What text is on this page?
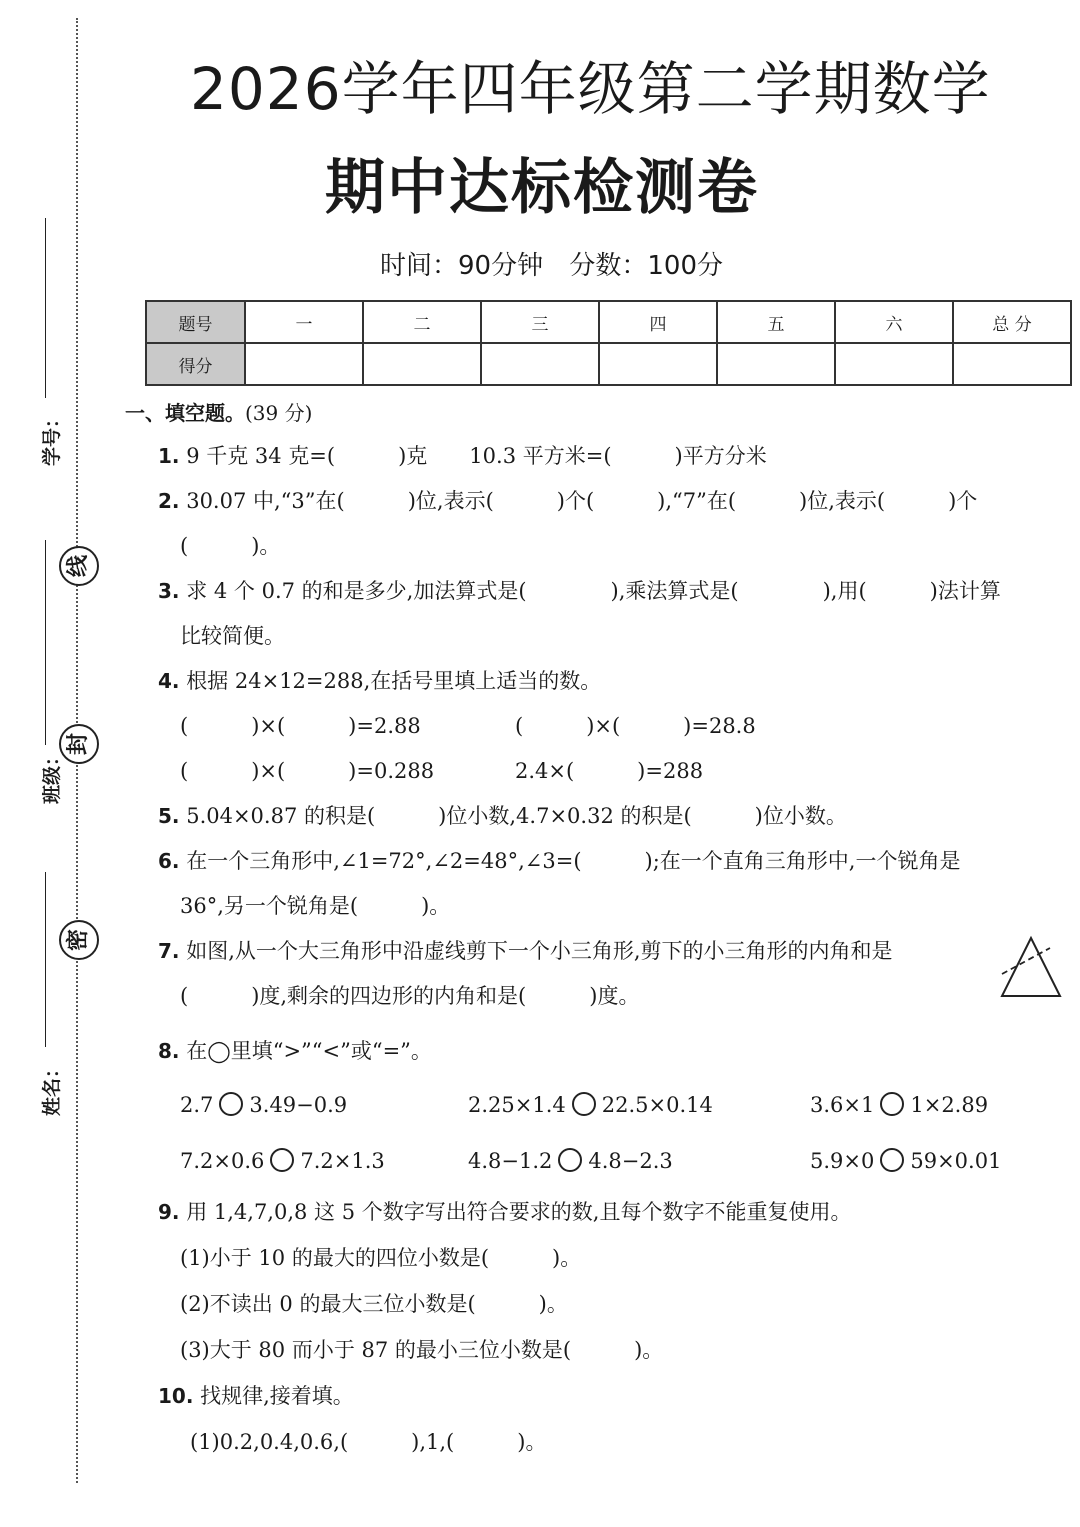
线
封
密
学号：
班级：
姓名：
2026学年四年级第二学期数学
期中达标检测卷
时间：90分钟 分数：100分
题号	一	二	三	四	五	六	总 分
得分							
一、填空题。(39 分)
1. 9 千克 34 克=(　　　)克　　10.3 平方米=(　　　)平方分米
2. 30.07 中,“3”在(　　　)位,表示(　　　)个(　　　),“7”在(　　　)位,表示(　　　)个
(　　　)。
3. 求 4 个 0.7 的和是多少,加法算式是(　　　　),乘法算式是(　　　　),用(　　　)法计算
比较简便。
4. 根据 24×12=288,在括号里填上适当的数。
(　　　)×(　　　)=2.88	(　　　)×(　　　)=28.8
(　　　)×(　　　)=0.288	2.4×(　　　)=288
5. 5.04×0.87 的积是(　　　)位小数,4.7×0.32 的积是(　　　)位小数。
6. 在一个三角形中,∠1=72°,∠2=48°,∠3=(　　　);在一个直角三角形中,一个锐角是
36°,另一个锐角是(　　　)。
7. 如图,从一个大三角形中沿虚线剪下一个小三角形,剪下的小三角形的内角和是
(　　　)度,剩余的四边形的内角和是(　　　)度。
8. 在◯里填“>”“<”或“=”。
2.7 3.49−0.9	2.25×1.4 22.5×0.14	3.6×1 1×2.89
7.2×0.6 7.2×1.3	4.8−1.2 4.8−2.3	5.9×0 59×0.01
9. 用 1,4,7,0,8 这 5 个数字写出符合要求的数,且每个数字不能重复使用。
(1)小于 10 的最大的四位小数是(　　　)。
(2)不读出 0 的最大三位小数是(　　　)。
(3)大于 80 而小于 87 的最小三位小数是(　　　)。
10. 找规律,接着填。
(1)0.2,0.4,0.6,(　　　),1,(　　　)。
